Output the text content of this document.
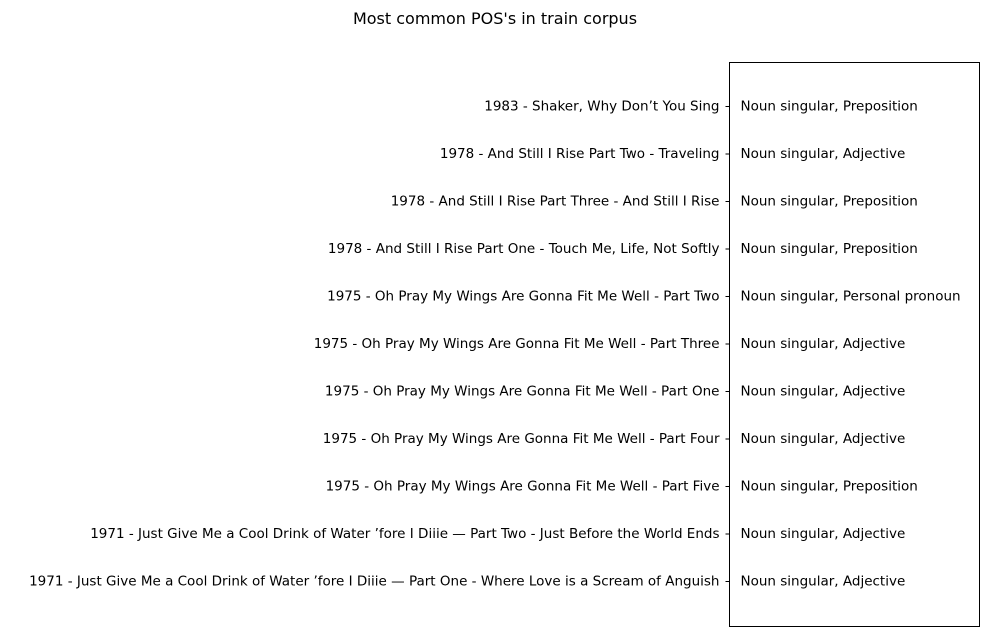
Most common POS's in train corpus
1983 - Shaker, Why Don’t You Sing Noun singular, Preposition
1978 - And Still I Rise Part Two - Traveling Noun singular, Adjective
1978 - And Still I Rise Part Three - And Still I Rise Noun singular, Preposition
1978 - And Still I Rise Part One - Touch Me, Life, Not Softly Noun singular, Preposition
1975 - Oh Pray My Wings Are Gonna Fit Me Well - Part Two Noun singular, Personal pronoun
1975 - Oh Pray My Wings Are Gonna Fit Me Well - Part Three Noun singular, Adjective
1975 - Oh Pray My Wings Are Gonna Fit Me Well - Part One Noun singular, Adjective
1975 - Oh Pray My Wings Are Gonna Fit Me Well - Part Four Noun singular, Adjective
1975 - Oh Pray My Wings Are Gonna Fit Me Well - Part Five Noun singular, Preposition
1971 - Just Give Me a Cool Drink of Water ’fore I Diiie — Part Two - Just Before the World Ends Noun singular, Adjective
1971 - Just Give Me a Cool Drink of Water ’fore I Diiie — Part One - Where Love is a Scream of Anguish Noun singular, Adjective
